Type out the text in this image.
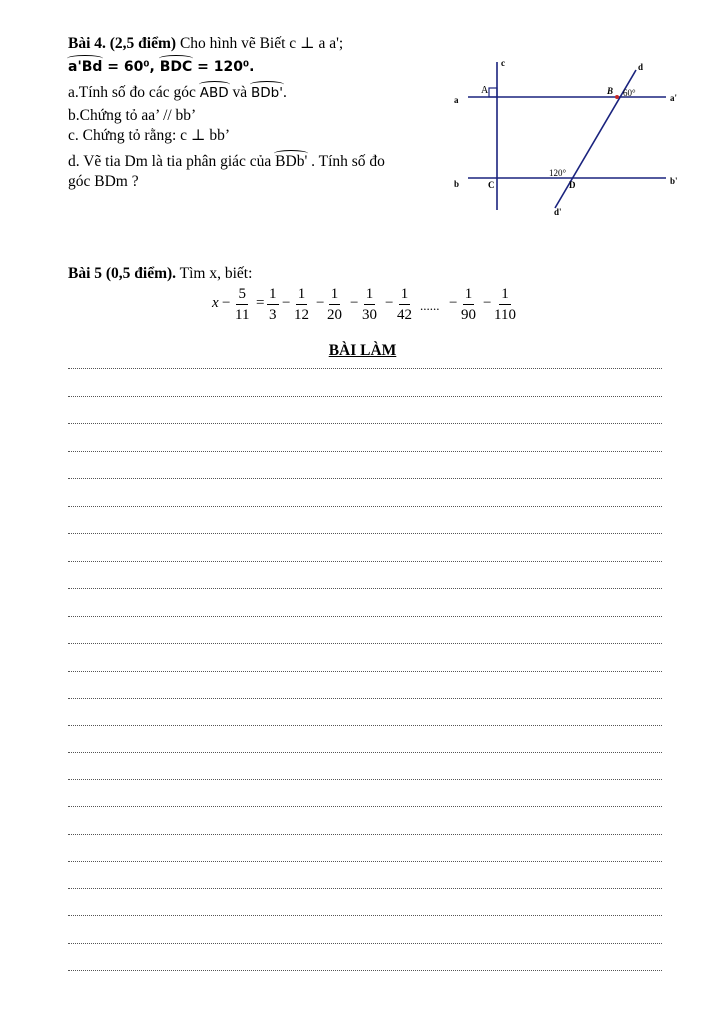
Bài 4. (2,5 điểm) Cho hình vẽ Biết c ⊥ a a';
a'Bd = 60⁰, BDC = 120⁰.
a.Tính số đo các góc ABD và BDb'.
b.Chứng tỏ aa’ // bb’
c. Chứng tỏ rằng: c ⊥ bb’
d. Vẽ tia Dm là tia phân giác của BDb' . Tính số đo
góc BDm ?
c	d
a	a'
A	B 60°
120°
b	C	D	b'
d'
Bài 5 (0,5 điểm). Tìm x, biết:
$x - \frac{5}{11} = \frac{1}{3} - \frac{1}{12} - \frac{1}{20} - \frac{1}{30} - \frac{1}{42}$ ...... − $\frac{1}{90} - \frac{1}{110}$
BÀI LÀM
